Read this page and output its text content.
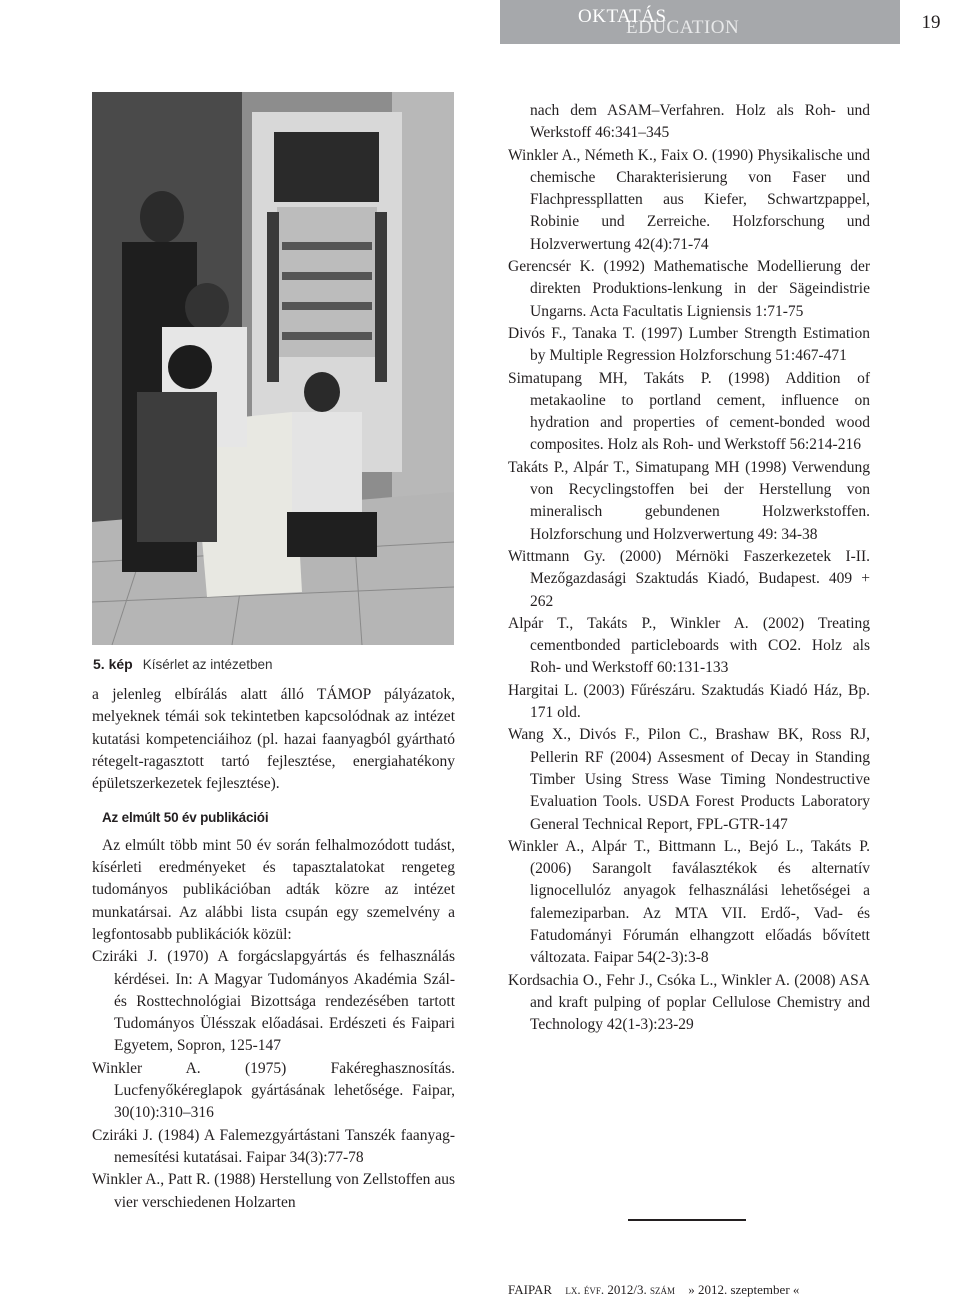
OKTATÁS
EDUCATION	19
5. kép Kísérlet az intézetben

a jelenleg elbírálás alatt álló TÁMOP pályázatok, melyeknek témái sok tekintetben kapcsolódnak az intézet kutatási kompetenciáihoz (pl. hazai faanyagból gyártható rétegelt-ragasztott tartó fejlesztése, energiahatékony épületszerkezetek fejlesztése).

Az elmúlt 50 év publikációi

Az elmúlt több mint 50 év során felhalmozódott tudást, kísérleti eredményeket és tapasztalatokat rengeteg tudományos publikációban adták közre az intézet munkatársai. Az alábbi lista csupán egy szemelvény a legfontosabb publikációk közül:

Cziráki J. (1970) A forgácslapgyártás és felhasználás kérdései. In: A Magyar Tudományos Akadémia Szál- és Rosttechnológiai Bizottsága rendezésében tartott Tudományos Ülésszak előadásai. Erdészeti és Faipari Egyetem, Sopron, 125-147

Winkler A. (1975) Fakéreghasznosítás. Lucfenyőkéreglapok gyártásának lehetősége. Faipar, 30(10):310–316

Cziráki J. (1984) A Falemezgyártástani Tanszék faanyag-nemesítési kutatásai. Faipar 34(3):77-78

Winkler A., Patt R. (1988) Herstellung von Zellstoffen aus vier verschiedenen Holzarten

nach dem ASAM–Verfahren. Holz als Roh- und Werkstoff 46:341–345

Winkler A., Németh K., Faix O. (1990) Physikalische und chemische Charakterisierung von Faser und Flachpresspllatten aus Kiefer, Schwartzpappel, Robinie und Zerreiche. Holzforschung und Holzverwertung 42(4):71-74

Gerencsér K. (1992) Mathematische Modellierung der direkten Produktions-lenkung in der Sägeindistrie Ungarns. Acta Facultatis Ligniensis 1:71-75

Divós F., Tanaka T. (1997) Lumber Strength Estimation by Multiple Regression Holzforschung 51:467-471

Simatupang MH, Takáts P. (1998) Addition of metakaoline to portland cement, influence on hydration and properties of cement-bonded wood composites. Holz als Roh- und Werkstoff 56:214-216

Takáts P., Alpár T., Simatupang MH (1998) Verwendung von Recyclingstoffen bei der Herstellung von mineralisch gebundenen Holzwerkstoffen. Holzforschung und Holzverwertung 49: 34-38

Wittmann Gy. (2000) Mérnöki Faszerkezetek I-II. Mezőgazdasági Szaktudás Kiadó, Budapest. 409 + 262

Alpár T., Takáts P., Winkler A. (2002) Treating cementbonded particleboards with CO2. Holz als Roh- und Werkstoff 60:131-133

Hargitai L. (2003) Fűrészáru. Szaktudás Kiadó Ház, Bp. 171 old.

Wang X., Divós F., Pilon C., Brashaw BK, Ross RJ, Pellerin RF (2004) Assesment of Decay in Standing Timber Using Stress Wase Timing Nondestructive Evaluation Tools. USDA Forest Products Laboratory General Technical Report, FPL-GTR-147

Winkler A., Alpár T., Bittmann L., Bejó L., Takáts P. (2006) Sarangolt faválasztékok és alternatív lignocellulóz anyagok felhasználási lehetőségei a falemeziparban. Az MTA VII. Erdő-, Vad- és Fatudományi Fórumán elhangzott előadás bővített változata. Faipar 54(2-3):3-8

Kordsachia O., Fehr J., Csóka L., Winkler A. (2008) ASA and kraft pulping of poplar Cellulose Chemistry and Technology 42(1-3):23-29

FAIPAR lx. évf. 2012/3. szám » 2012. szeptember «
